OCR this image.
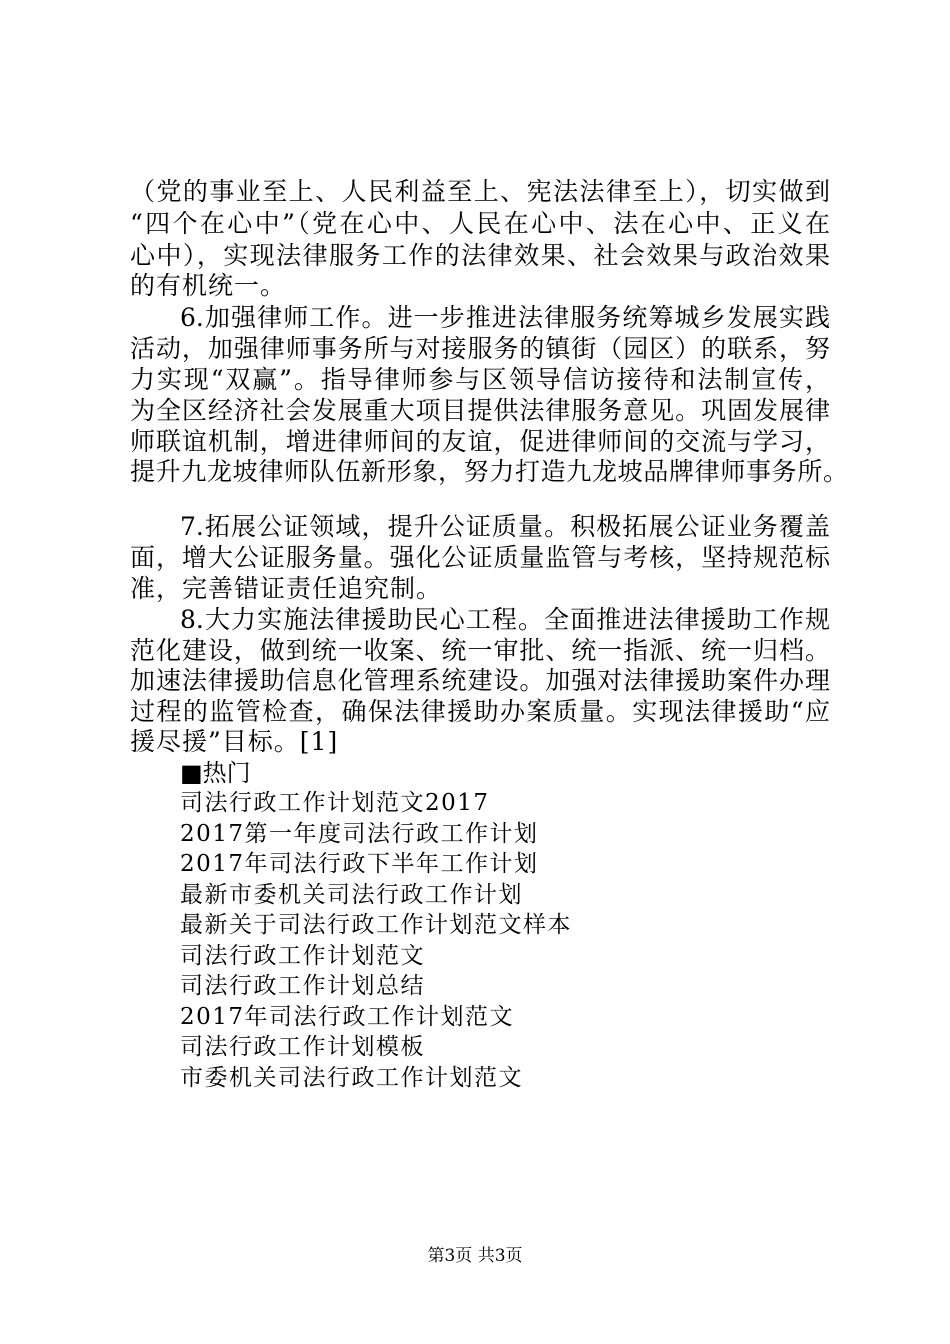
（党的事业至上、人民利益至上、宪法法律至上），切实做到
“四个在心中”（党在心中、人民在心中、法在心中、正义在
心中），实现法律服务工作的法律效果、社会效果与政治效果
的有机统一。
6.加强律师工作。进一步推进法律服务统筹城乡发展实践
活动，加强律师事务所与对接服务的镇街（园区）的联系，努
力实现“双赢”。指导律师参与区领导信访接待和法制宣传，
为全区经济社会发展重大项目提供法律服务意见。巩固发展律
师联谊机制，增进律师间的友谊，促进律师间的交流与学习，
提升九龙坡律师队伍新形象，努力打造九龙坡品牌律师事务所。
7.拓展公证领域，提升公证质量。积极拓展公证业务覆盖
面，增大公证服务量。强化公证质量监管与考核，坚持规范标
准，完善错证责任追究制。
8.大力实施法律援助民心工程。全面推进法律援助工作规
范化建设，做到统一收案、统一审批、统一指派、统一归档。
加速法律援助信息化管理系统建设。加强对法律援助案件办理
过程的监管检查，确保法律援助办案质量。实现法律援助“应
援尽援”目标。[1]
■热门
司法行政工作计划范文2017
2017第一年度司法行政工作计划
2017年司法行政下半年工作计划
最新市委机关司法行政工作计划
最新关于司法行政工作计划范文样本
司法行政工作计划范文
司法行政工作计划总结
2017年司法行政工作计划范文
司法行政工作计划模板
市委机关司法行政工作计划范文
第3页 共3页
